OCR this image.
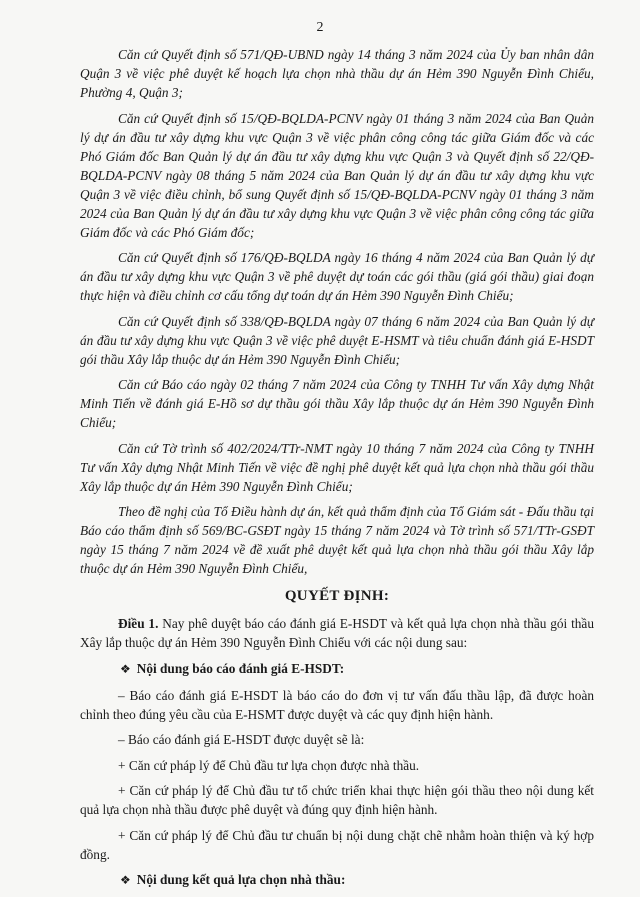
2

Căn cứ Quyết định số 571/QĐ-UBND ngày 14 tháng 3 năm 2024 của Ủy ban nhân dân Quận 3 về việc phê duyệt kế hoạch lựa chọn nhà thầu dự án Hẻm 390 Nguyễn Đình Chiểu, Phường 4, Quận 3;

Căn cứ Quyết định số 15/QĐ-BQLDA-PCNV ngày 01 tháng 3 năm 2024 của Ban Quản lý dự án đầu tư xây dựng khu vực Quận 3 về việc phân công công tác giữa Giám đốc và các Phó Giám đốc Ban Quản lý dự án đầu tư xây dựng khu vực Quận 3 và Quyết định số 22/QĐ-BQLDA-PCNV ngày 08 tháng 5 năm 2024 của Ban Quản lý dự án đầu tư xây dựng khu vực Quận 3 về việc điều chỉnh, bổ sung Quyết định số 15/QĐ-BQLDA-PCNV ngày 01 tháng 3 năm 2024 của Ban Quản lý dự án đầu tư xây dựng khu vực Quận 3 về việc phân công công tác giữa Giám đốc và các Phó Giám đốc;

Căn cứ Quyết định số 176/QĐ-BQLDA ngày 16 tháng 4 năm 2024 của Ban Quản lý dự án đầu tư xây dựng khu vực Quận 3 về phê duyệt dự toán các gói thầu (giá gói thầu) giai đoạn thực hiện và điều chỉnh cơ cấu tổng dự toán dự án Hẻm 390 Nguyễn Đình Chiểu;

Căn cứ Quyết định số 338/QĐ-BQLDA ngày 07 tháng 6 năm 2024 của Ban Quản lý dự án đầu tư xây dựng khu vực Quận 3 về việc phê duyệt E-HSMT và tiêu chuẩn đánh giá E-HSDT gói thầu Xây lắp thuộc dự án Hẻm 390 Nguyễn Đình Chiểu;

Căn cứ Báo cáo ngày 02 tháng 7 năm 2024 của Công ty TNHH Tư vấn Xây dựng Nhật Minh Tiến về đánh giá E-Hồ sơ dự thầu gói thầu Xây lắp thuộc dự án Hẻm 390 Nguyễn Đình Chiểu;

Căn cứ Tờ trình số 402/2024/TTr-NMT ngày 10 tháng 7 năm 2024 của Công ty TNHH Tư vấn Xây dựng Nhật Minh Tiến về việc đề nghị phê duyệt kết quả lựa chọn nhà thầu gói thầu Xây lắp thuộc dự án Hẻm 390 Nguyễn Đình Chiểu;

Theo đề nghị của Tổ Điều hành dự án, kết quả thẩm định của Tổ Giám sát - Đấu thầu tại Báo cáo thẩm định số 569/BC-GSĐT ngày 15 tháng 7 năm 2024 và Tờ trình số 571/TTr-GSĐT ngày 15 tháng 7 năm 2024 về đề xuất phê duyệt kết quả lựa chọn nhà thầu gói thầu Xây lắp thuộc dự án Hẻm 390 Nguyễn Đình Chiểu,

QUYẾT ĐỊNH:

Điều 1. Nay phê duyệt báo cáo đánh giá E-HSDT và kết quả lựa chọn nhà thầu gói thầu Xây lắp thuộc dự án Hẻm 390 Nguyễn Đình Chiểu với các nội dung sau:

❖ Nội dung báo cáo đánh giá E-HSDT:

– Báo cáo đánh giá E-HSDT là báo cáo do đơn vị tư vấn đấu thầu lập, đã được hoàn chỉnh theo đúng yêu cầu của E-HSMT được duyệt và các quy định hiện hành.

– Báo cáo đánh giá E-HSDT được duyệt sẽ là:

+ Căn cứ pháp lý để Chủ đầu tư lựa chọn được nhà thầu.

+ Căn cứ pháp lý để Chủ đầu tư tổ chức triển khai thực hiện gói thầu theo nội dung kết quả lựa chọn nhà thầu được phê duyệt và đúng quy định hiện hành.

+ Căn cứ pháp lý để Chủ đầu tư chuẩn bị nội dung chặt chẽ nhằm hoàn thiện và ký hợp đồng.

❖ Nội dung kết quả lựa chọn nhà thầu:
